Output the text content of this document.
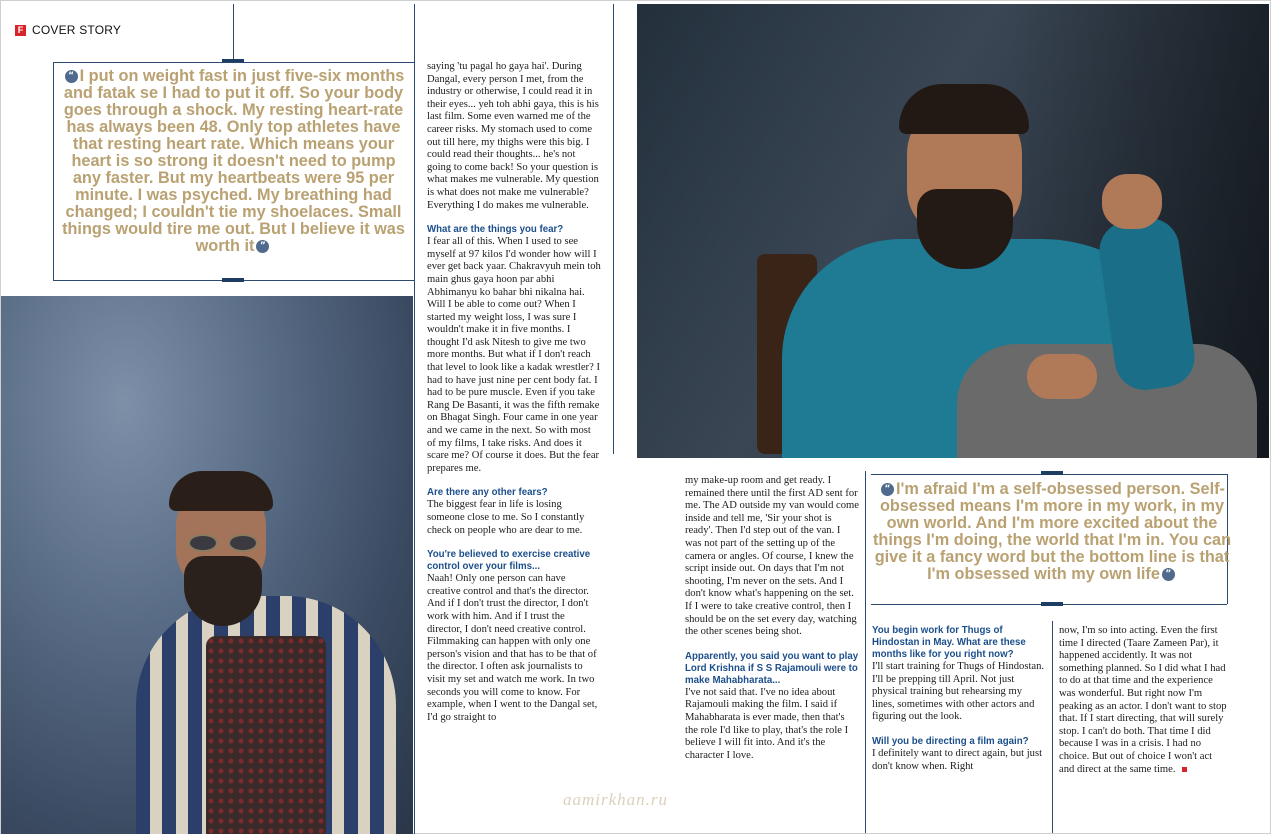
F COVER STORY
“ I put on weight fast in just five-six months and fatak se I had to put it off. So your body goes through a shock. My resting heart-rate has always been 48. Only top athletes have that resting heart rate. Which means your heart is so strong it doesn't need to pump any faster. But my heartbeats were 95 per minute. I was psyched. My breathing had changed; I couldn't tie my shoelaces. Small things would tire me out. But I believe it was worth it ”

saying 'tu pagal ho gaya hai'. During Dangal, every person I met, from the industry or otherwise, I could read it in their eyes... yeh toh abhi gaya, this is his last film. Some even warned me of the career risks. My stomach used to come out till here, my thighs were this big. I could read their thoughts... he's not going to come back! So your question is what makes me vulnerable. My question is what does not make me vulnerable? Everything I do makes me vulnerable.

What are the things you fear?

I fear all of this. When I used to see myself at 97 kilos I'd wonder how will I ever get back yaar. Chakravyuh mein toh main ghus gaya hoon par abhi Abhimanyu ko bahar bhi nikalna hai. Will I be able to come out? When I started my weight loss, I was sure I wouldn't make it in five months. I thought I'd ask Nitesh to give me two more months. But what if I don't reach that level to look like a kadak wrestler? I had to have just nine per cent body fat. I had to be pure muscle. Even if you take Rang De Basanti, it was the fifth remake on Bhagat Singh. Four came in one year and we came in the next. So with most of my films, I take risks. And does it scare me? Of course it does. But the fear prepares me.

Are there any other fears?

The biggest fear in life is losing someone close to me. So I constantly check on people who are dear to me.

You're believed to exercise creative control over your films...

Naah! Only one person can have creative control and that's the director. And if I don't trust the director, I don't work with him. And if I trust the director, I don't need creative control. Filmmaking can happen with only one person's vision and that has to be that of the director. I often ask journalists to visit my set and watch me work. In two seconds you will come to know. For example, when I went to the Dangal set, I'd go straight to

my make-up room and get ready. I remained there until the first AD sent for me. The AD outside my van would come inside and tell me, 'Sir your shot is ready'. Then I'd step out of the van. I was not part of the setting up of the camera or angles. Of course, I knew the script inside out. On days that I'm not shooting, I'm never on the sets. And I don't know what's happening on the set. If I were to take creative control, then I should be on the set every day, watching the other scenes being shot.

Apparently, you said you want to play Lord Krishna if S S Rajamouli were to make Mahabharata...

I've not said that. I've no idea about Rajamouli making the film. I said if Mahabharata is ever made, then that's the role I'd like to play, that's the role I believe I will fit into. And it's the character I love.

“ I'm afraid I'm a self-obsessed person. Self-obsessed means I'm more in my work, in my own world. And I'm more excited about the things I'm doing, the world that I'm in. You can give it a fancy word but the bottom line is that I'm obsessed with my own life ”
You begin work for Thugs of Hindostan in May. What are these months like for you right now?

I'll start training for Thugs of Hindostan. I'll be prepping till April. Not just physical training but rehearsing my lines, sometimes with other actors and figuring out the look.

Will you be directing a film again?

I definitely want to direct again, but just don't know when. Right

now, I'm so into acting. Even the first time I directed (Taare Zameen Par), it happened accidently. It was not something planned. So I did what I had to do at that time and the experience was wonderful. But right now I'm peaking as an actor. I don't want to stop that. If I start directing, that will surely stop. I can't do both. That time I did because I was in a crisis. I had no choice. But out of choice I won't act and direct at the same time.

aamirkhan.ru
